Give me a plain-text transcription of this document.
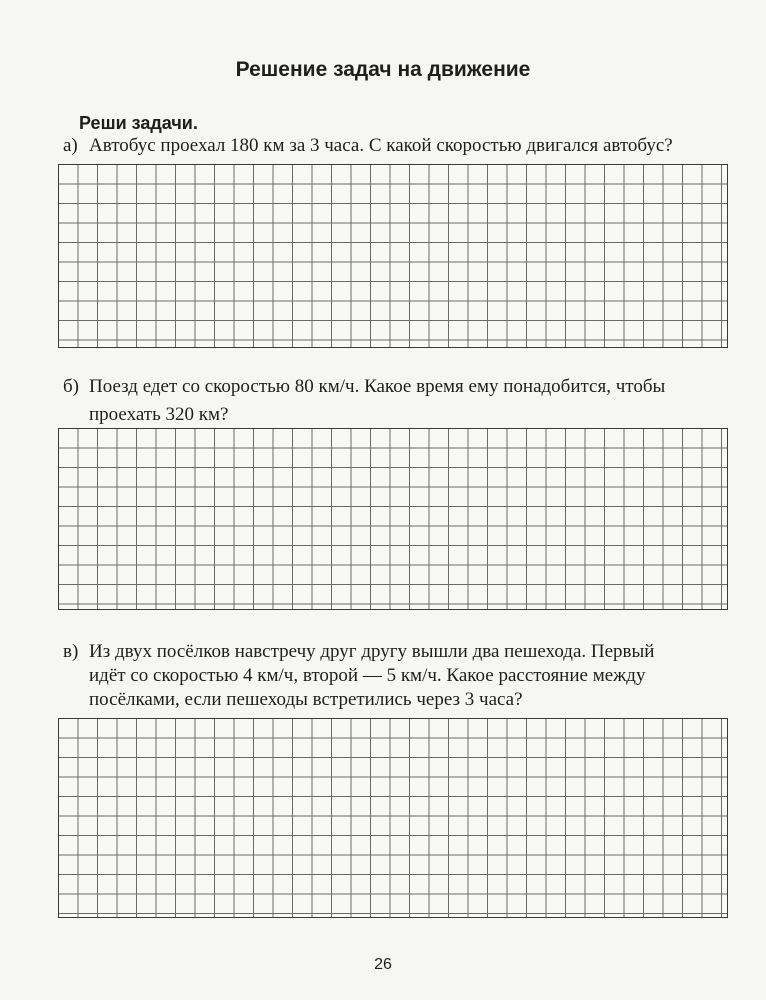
Решение задач на движение
Реши задачи.
а) Автобус проехал 180 км за 3 часа. С какой скоростью двигался автобус?
б) Поезд едет со скоростью 80 км/ч. Какое время ему понадобится, чтобы
проехать 320 км?
в) Из двух посёлков навстречу друг другу вышли два пешехода. Первый
идёт со скоростью 4 км/ч, второй — 5 км/ч. Какое расстояние между
посёлками, если пешеходы встретились через 3 часа?
26
